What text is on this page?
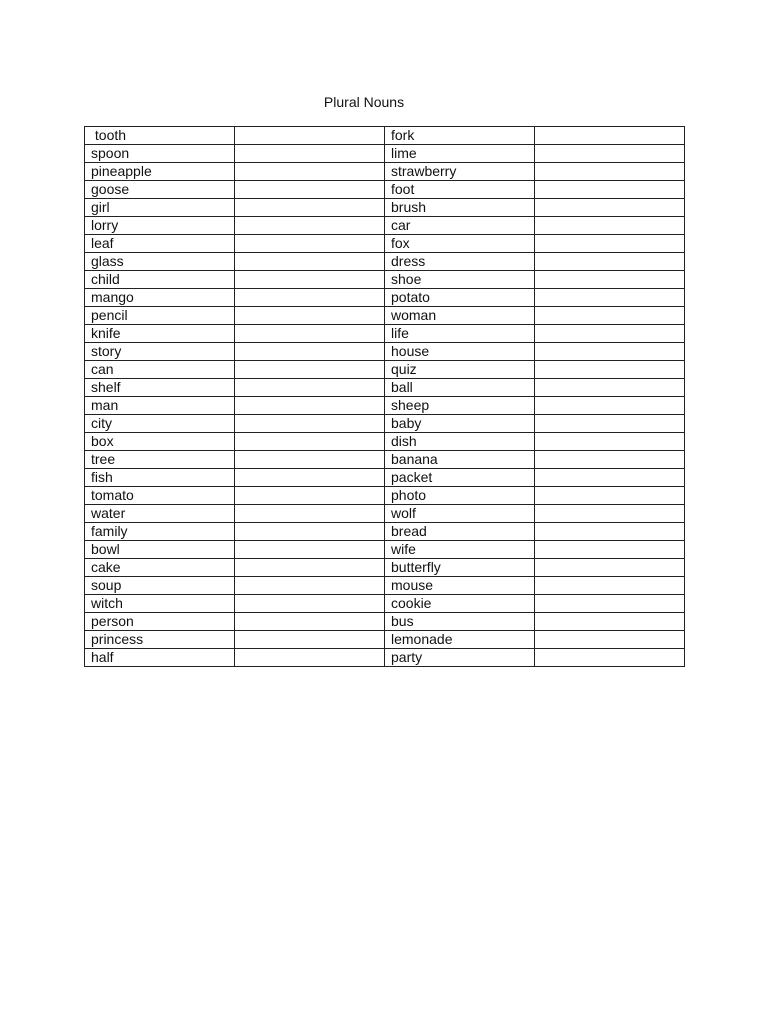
Plural Nouns
tooth		fork	
spoon		lime	
pineapple		strawberry	
goose		foot	
girl		brush	
lorry		car	
leaf		fox	
glass		dress	
child		shoe	
mango		potato	
pencil		woman	
knife		life	
story		house	
can		quiz	
shelf		ball	
man		sheep	
city		baby	
box		dish	
tree		banana	
fish		packet	
tomato		photo	
water		wolf	
family		bread	
bowl		wife	
cake		butterfly	
soup		mouse	
witch		cookie	
person		bus	
princess		lemonade	
half		party	
